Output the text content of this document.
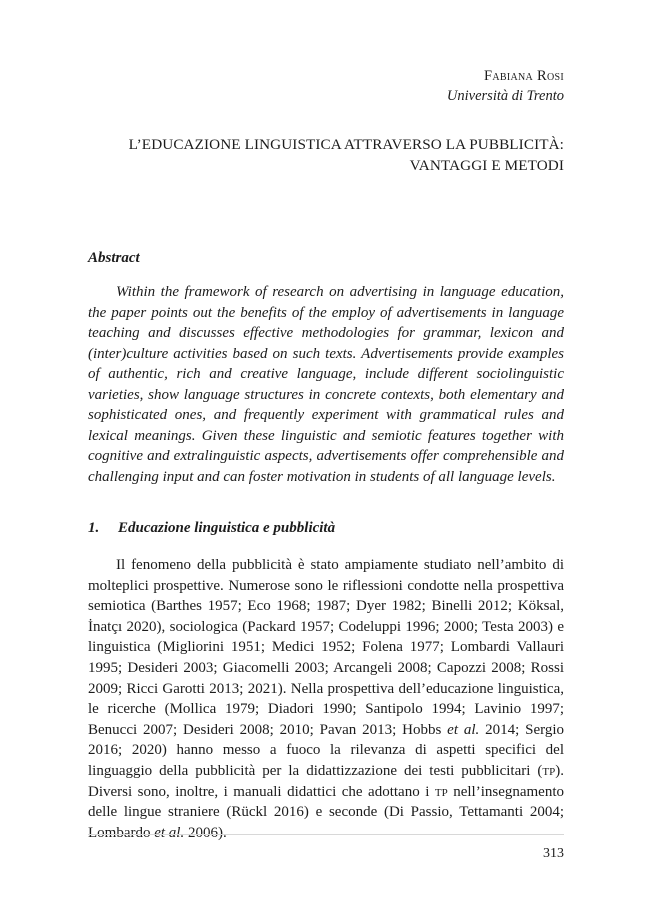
Fabiana Rosi
Università di Trento
L’EDUCAZIONE LINGUISTICA ATTRAVERSO LA PUBBLICITÀ:
VANTAGGI E METODI
Abstract

Within the framework of research on advertising in language education, the paper points out the benefits of the employ of advertisements in language teaching and discusses effective methodologies for grammar, lexicon and (inter)culture activities based on such texts. Advertisements provide examples of authentic, rich and creative language, include different sociolinguistic varieties, show language structures in concrete contexts, both elementary and sophisticated ones, and frequently experiment with grammatical rules and lexical meanings. Given these linguistic and semiotic features together with cognitive and extralinguistic aspects, advertisements offer comprehensible and challenging input and can foster motivation in students of all language levels.

1. Educazione linguistica e pubblicità

Il fenomeno della pubblicità è stato ampiamente studiato nell’ambito di molteplici prospettive. Numerose sono le riflessioni condotte nella prospettiva semiotica (Barthes 1957; Eco 1968; 1987; Dyer 1982; Binelli 2012; Köksal, İnatçı 2020), sociologica (Packard 1957; Codeluppi 1996; 2000; Testa 2003) e linguistica (Migliorini 1951; Medici 1952; Folena 1977; Lombardi Vallauri 1995; Desideri 2003; Giacomelli 2003; Arcangeli 2008; Capozzi 2008; Rossi 2009; Ricci Garotti 2013; 2021). Nella prospettiva dell’educazione linguistica, le ricerche (Mollica 1979; Diadori 1990; Santipolo 1994; Lavinio 1997; Benucci 2007; Desideri 2008; 2010; Pavan 2013; Hobbs et al. 2014; Sergio 2016; 2020) hanno messo a fuoco la rilevanza di aspetti specifici del linguaggio della pubblicità per la didattizzazione dei testi pubblicitari (tp). Diversi sono, inoltre, i manuali didattici che adottano i tp nell’insegnamento delle lingue straniere (Rückl 2016) e seconde (Di Passio, Tettamanti 2004; Lombardo et al. 2006).

313
